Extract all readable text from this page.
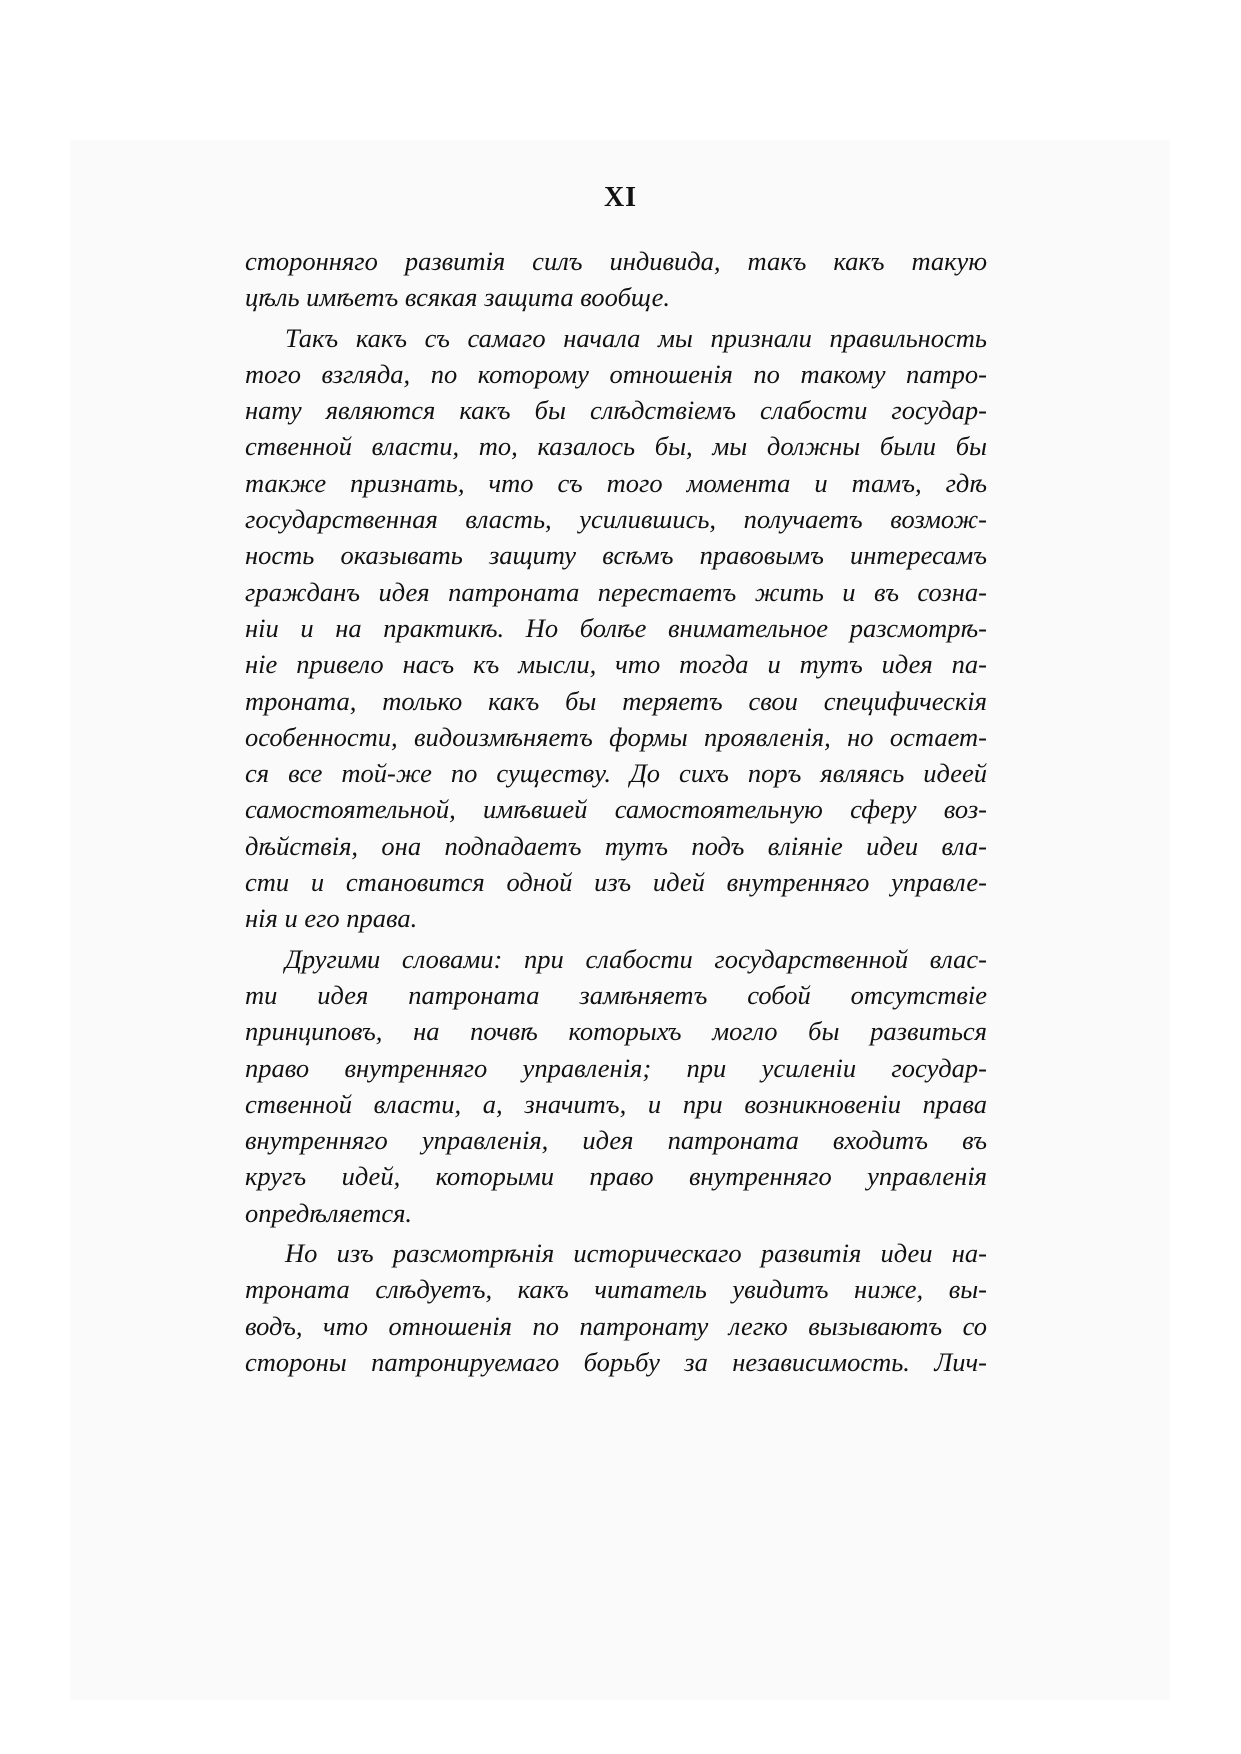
XI
сторонняго развитія силъ индивида, такъ какъ такую
цѣль имѣетъ всякая защита вообще.
Такъ какъ съ самаго начала мы признали правильность
того взгляда, по которому отношенія по такому патро-
нату являются какъ бы слѣдствіемъ слабости государ-
ственной власти, то, казалось бы, мы должны были бы
также признать, что съ того момента и тамъ, гдѣ
государственная власть, усилившись, получаетъ возмож-
ность оказывать защиту всѣмъ правовымъ интересамъ
гражданъ идея патроната перестаетъ жить и въ созна-
ніи и на практикѣ. Но болѣе внимательное разсмотрѣ-
ніе привело насъ къ мысли, что тогда и тутъ идея па-
троната, только какъ бы теряетъ свои специфическія
особенности, видоизмѣняетъ формы проявленія, но остает-
ся все той-же по существу. До сихъ поръ являясь идеей
самостоятельной, имѣвшей самостоятельную сферу воз-
дѣйствія, она подпадаетъ тутъ подъ вліяніе идеи вла-
сти и становится одной изъ идей внутренняго управле-
нія и его права.
Другими словами: при слабости государственной влас-
ти идея патроната замѣняетъ собой отсутствіе
принциповъ, на почвѣ которыхъ могло бы развиться
право внутренняго управленія; при усиленіи государ-
ственной власти, а, значитъ, и при возникновеніи права
внутренняго управленія, идея патроната входитъ въ
кругъ идей, которыми право внутренняго управленія
опредѣляется.
Но изъ разсмотрѣнія историческаго развитія идеи на-
троната слѣдуетъ, какъ читатель увидитъ ниже, вы-
водъ, что отношенія по патронату легко вызываютъ со
стороны патронируемаго борьбу за независимость. Лич-
